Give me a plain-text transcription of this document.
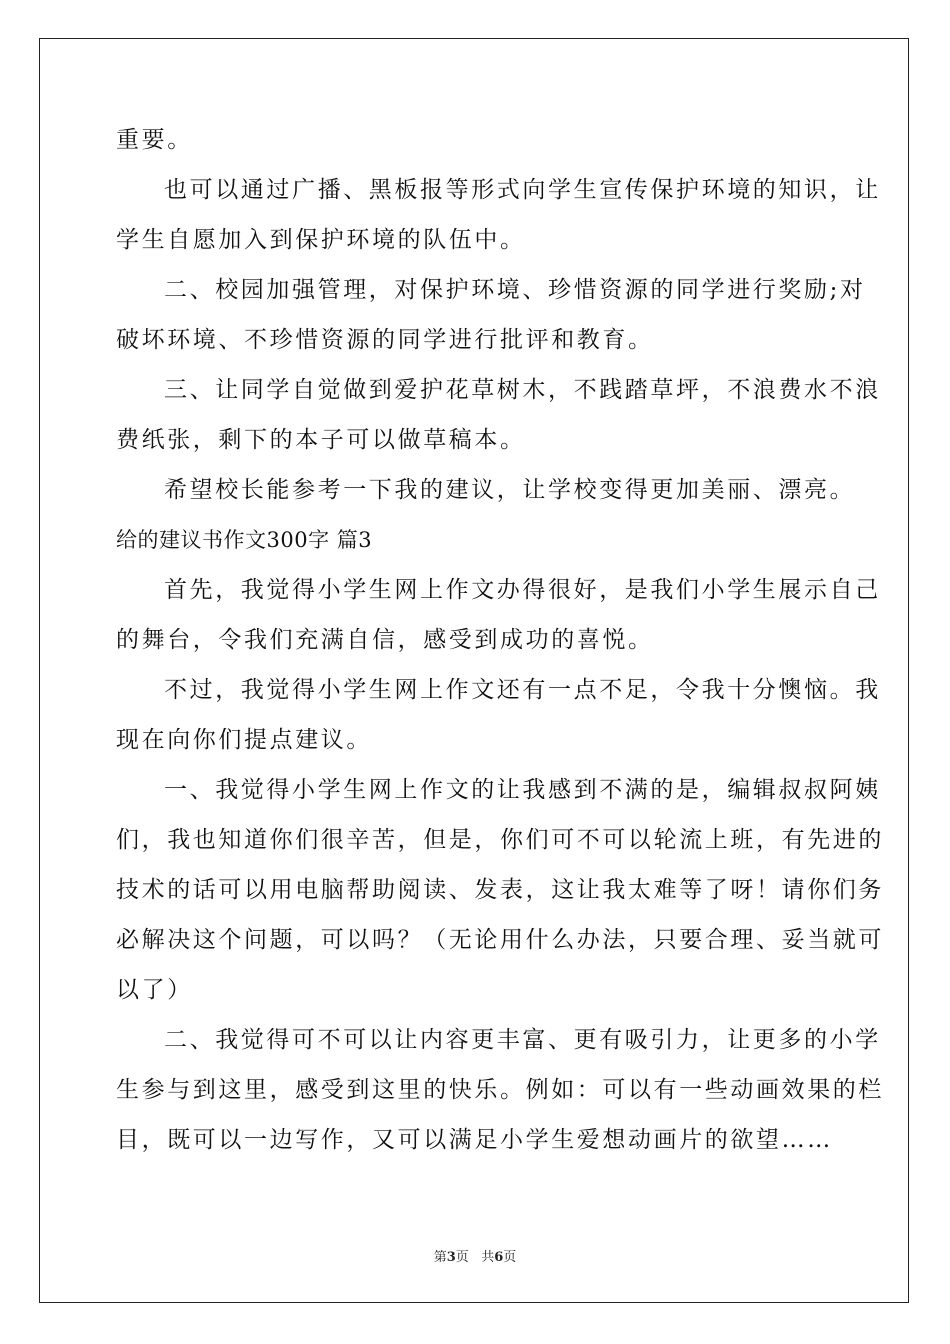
重要。
也可以通过广播、黑板报等形式向学生宣传保护环境的知识，让
学生自愿加入到保护环境的队伍中。
二、校园加强管理，对保护环境、珍惜资源的同学进行奖励;对
破坏环境、不珍惜资源的同学进行批评和教育。
三、让同学自觉做到爱护花草树木，不践踏草坪，不浪费水不浪
费纸张，剩下的本子可以做草稿本。
希望校长能参考一下我的建议，让学校变得更加美丽、漂亮。
给的建议书作文300字 篇3
首先，我觉得小学生网上作文办得很好，是我们小学生展示自己
的舞台，令我们充满自信，感受到成功的喜悦。
不过，我觉得小学生网上作文还有一点不足，令我十分懊恼。我
现在向你们提点建议。
一、我觉得小学生网上作文的让我感到不满的是，编辑叔叔阿姨
们，我也知道你们很辛苦，但是，你们可不可以轮流上班，有先进的
技术的话可以用电脑帮助阅读、发表，这让我太难等了呀！请你们务
必解决这个问题，可以吗？（无论用什么办法，只要合理、妥当就可
以了）
二、我觉得可不可以让内容更丰富、更有吸引力，让更多的小学
生参与到这里，感受到这里的快乐。例如：可以有一些动画效果的栏
目，既可以一边写作，又可以满足小学生爱想动画片的欲望……
第3页 共6页
